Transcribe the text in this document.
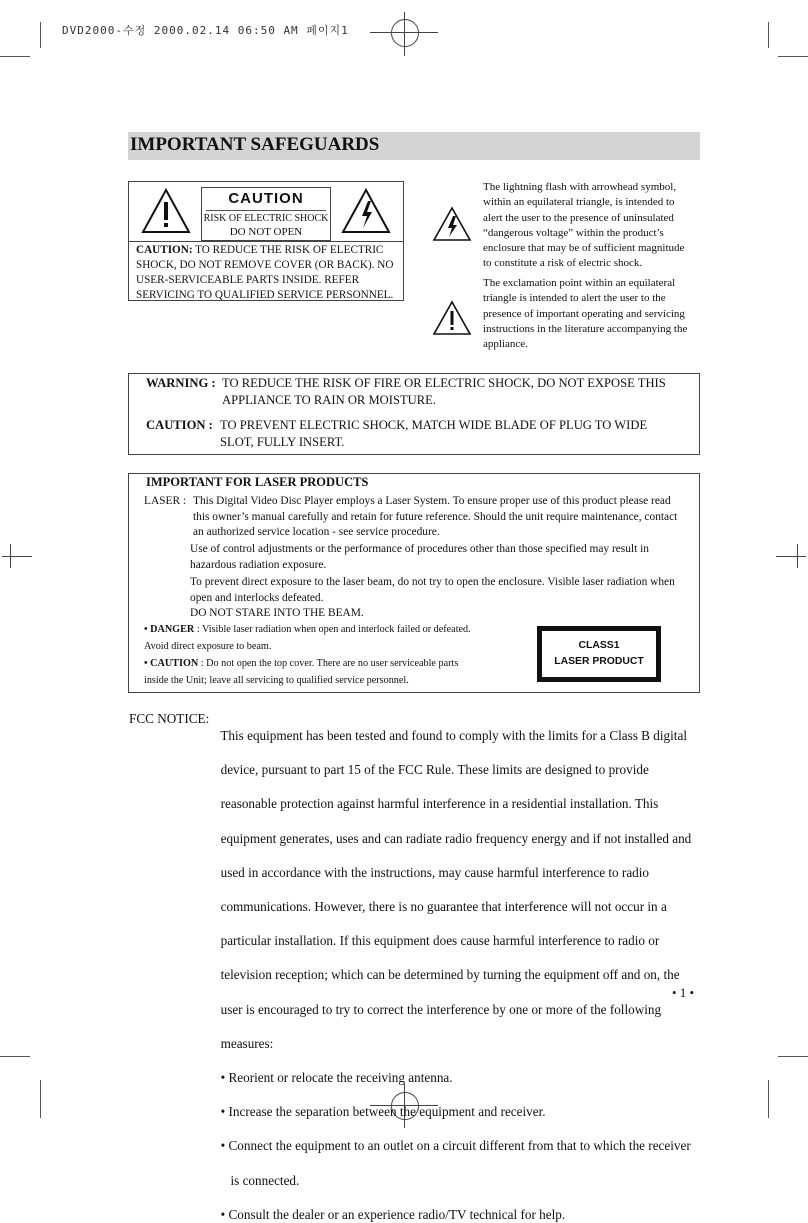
DVD2000-수정 2000.02.14 06:50 AM 페이지1
IMPORTANT SAFEGUARDS
CAUTION
RISK OF ELECTRIC SHOCK
DO NOT OPEN
CAUTION: TO REDUCE THE RISK OF ELECTRIC
SHOCK, DO NOT REMOVE COVER (OR BACK). NO
USER-SERVICEABLE PARTS INSIDE. REFER
SERVICING TO QUALIFIED SERVICE PERSONNEL.
The lightning flash with arrowhead symbol,
within an equilateral triangle, is intended to
alert the user to the presence of uninsulated
“dangerous voltage” within the product’s
enclosure that may be of sufficient magnitude
to constitute a risk of electric shock.
The exclamation point within an equilateral
triangle is intended to alert the user to the
presence of important operating and servicing
instructions in the literature accompanying the
appliance.
WARNING : TO REDUCE THE RISK OF FIRE OR ELECTRIC SHOCK, DO NOT EXPOSE THIS
APPLIANCE TO RAIN OR MOISTURE.
CAUTION : TO PREVENT ELECTRIC SHOCK, MATCH WIDE BLADE OF PLUG TO WIDE
SLOT, FULLY INSERT.
IMPORTANT FOR LASER PRODUCTS
LASER : This Digital Video Disc Player employs a Laser System. To ensure proper use of this product please read
this owner’s manual carefully and retain for future reference. Should the unit require maintenance, contact
an authorized service location - see service procedure.
Use of control adjustments or the performance of procedures other than those specified may result in
hazardous radiation exposure.
To prevent direct exposure to the laser beam, do not try to open the enclosure. Visible laser radiation when
open and interlocks defeated.
DO NOT STARE INTO THE BEAM.
• DANGER : Visible laser radiation when open and interlock failed or defeated.
Avoid direct exposure to beam.
• CAUTION : Do not open the top cover. There are no user serviceable parts
inside the Unit; leave all servicing to qualified service personnel.
CLASS1
LASER PRODUCT
FCC NOTICE:

This equipment has been tested and found to comply with the limits for a Class B digital

device, pursuant to part 15 of the FCC Rule. These limits are designed to provide

reasonable protection against harmful interference in a residential installation. This

equipment generates, uses and can radiate radio frequency energy and if not installed and

used in accordance with the instructions, may cause harmful interference to radio

communications. However, there is no guarantee that interference will not occur in a

particular installation. If this equipment does cause harmful interference to radio or

television reception; which can be determined by turning the equipment off and on, the

user is encouraged to try to correct the interference by one or more of the following

measures:

• Reorient or relocate the receiving antenna.

• Increase the separation between the equipment and receiver.

• Connect the equipment to an outlet on a circuit different from that to which the receiver

is connected.

• Consult the dealer or an experience radio/TV technical for help.

• 1 •
